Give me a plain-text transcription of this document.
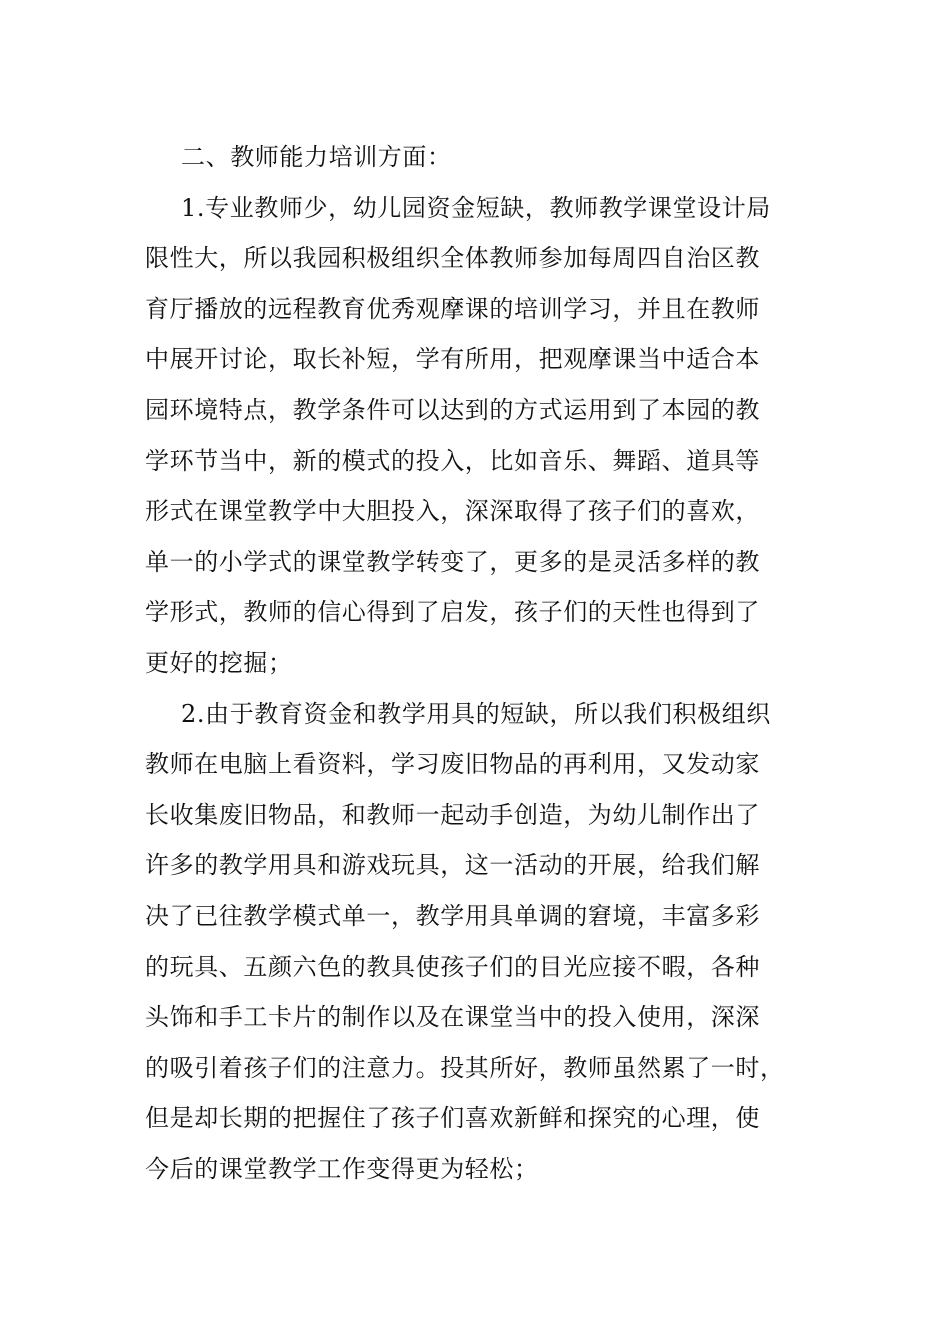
二、教师能力培训方面：
1.专业教师少，幼儿园资金短缺，教师教学课堂设计局
限性大，所以我园积极组织全体教师参加每周四自治区教
育厅播放的远程教育优秀观摩课的培训学习，并且在教师
中展开讨论，取长补短，学有所用，把观摩课当中适合本
园环境特点，教学条件可以达到的方式运用到了本园的教
学环节当中，新的模式的投入，比如音乐、舞蹈、道具等
形式在课堂教学中大胆投入，深深取得了孩子们的喜欢，
单一的小学式的课堂教学转变了，更多的是灵活多样的教
学形式，教师的信心得到了启发，孩子们的天性也得到了
更好的挖掘；
2.由于教育资金和教学用具的短缺，所以我们积极组织
教师在电脑上看资料，学习废旧物品的再利用，又发动家
长收集废旧物品，和教师一起动手创造，为幼儿制作出了
许多的教学用具和游戏玩具，这一活动的开展，给我们解
决了已往教学模式单一，教学用具单调的窘境，丰富多彩
的玩具、五颜六色的教具使孩子们的目光应接不暇，各种
头饰和手工卡片的制作以及在课堂当中的投入使用，深深
的吸引着孩子们的注意力。投其所好，教师虽然累了一时，
但是却长期的把握住了孩子们喜欢新鲜和探究的心理，使
今后的课堂教学工作变得更为轻松；
